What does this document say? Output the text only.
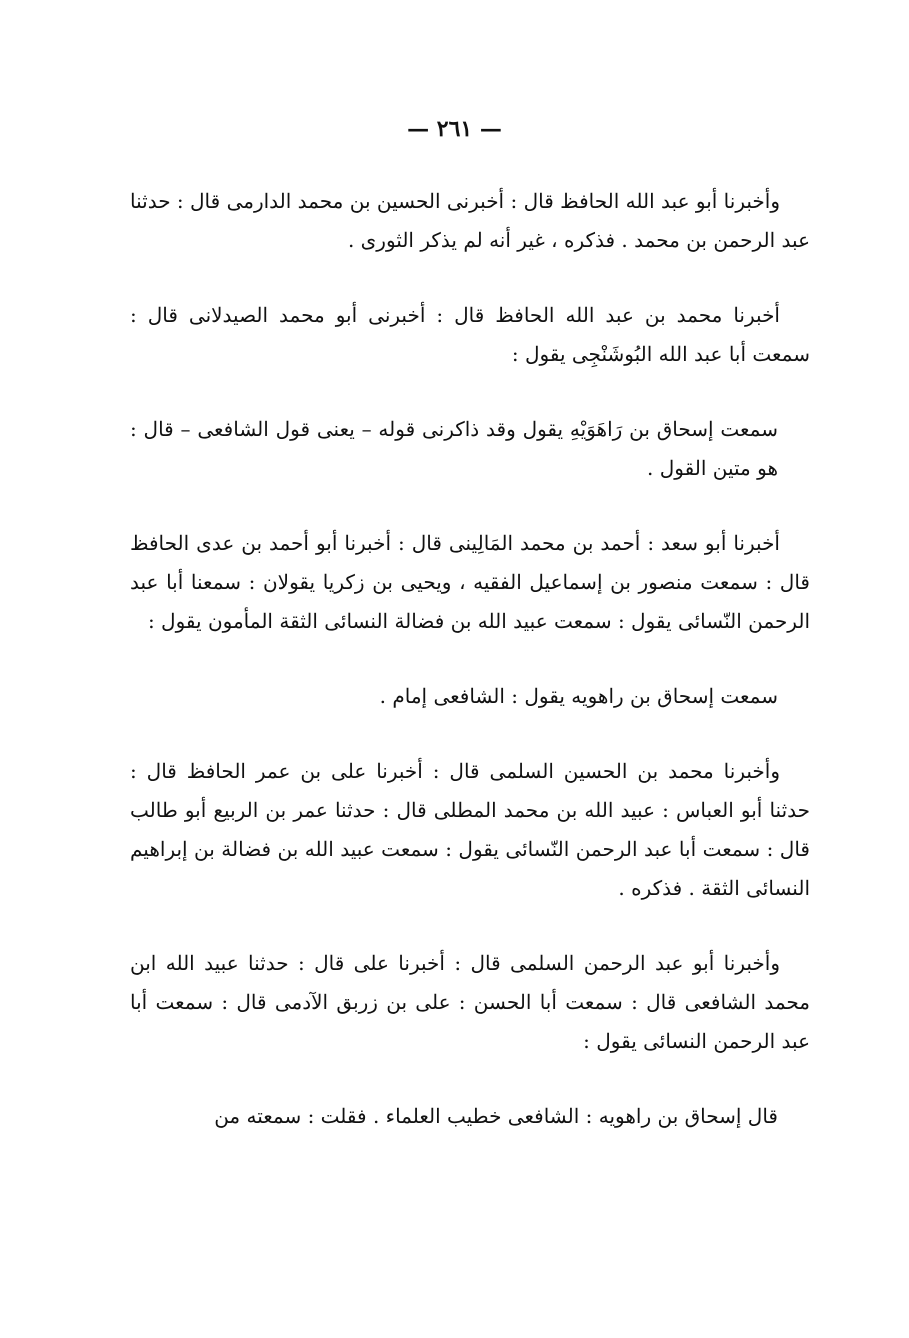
— ٢٦١ —

وأخبرنا أبو عبد الله الحافظ قال : أخبرنى الحسين بن محمد الدارمى قال : حدثنا عبد الرحمن بن محمد . فذكره ، غير أنه لم يذكر الثورى .

أخبرنا محمد بن عبد الله الحافظ قال : أخبرنى أبو محمد الصيدلانى قال : سمعت أبا عبد الله البُوشَنْجِى يقول :

سمعت إسحاق بن رَاهَوَيْهِ يقول وقد ذاكرنى قوله – يعنى قول الشافعى – قال : هو متين القول .

أخبرنا أبو سعد : أحمد بن محمد المَالِينى قال : أخبرنا أبو أحمد بن عدى الحافظ قال : سمعت منصور بن إسماعيل الفقيه ، ويحيى بن زكريا يقولان : سمعنا أبا عبد الرحمن النّسائى يقول : سمعت عبيد الله بن فضالة النسائى الثقة المأمون يقول :

سمعت إسحاق بن راهويه يقول : الشافعى إمام .

وأخبرنا محمد بن الحسين السلمى قال : أخبرنا على بن عمر الحافظ قال : حدثنا أبو العباس : عبيد الله بن محمد المطلى قال : حدثنا عمر بن الربيع أبو طالب قال : سمعت أبا عبد الرحمن النّسائى يقول : سمعت عبيد الله بن فضالة بن إبراهيم النسائى الثقة . فذكره .

وأخبرنا أبو عبد الرحمن السلمى قال : أخبرنا على قال : حدثنا عبيد الله ابن محمد الشافعى قال : سمعت أبا الحسن : على بن زربق الآدمى قال : سمعت أبا عبد الرحمن النسائى يقول :

قال إسحاق بن راهويه : الشافعى خطيب العلماء . فقلت : سمعته من
